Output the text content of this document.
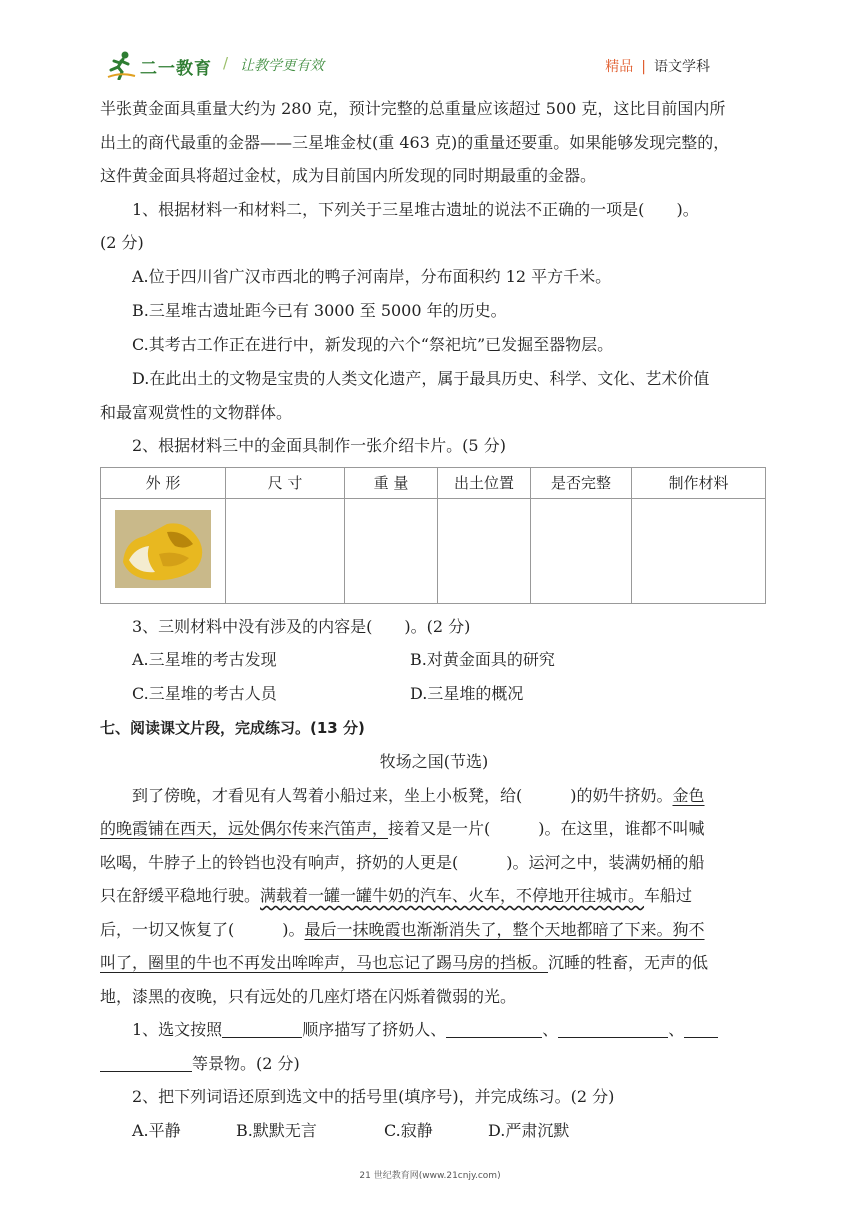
二一教育 / 让教学更有效	精品 | 语文学科

半张黄金面具重量大约为 280 克，预计完整的总重量应该超过 500 克，这比目前国内所

出土的商代最重的金器——三星堆金杖(重 463 克)的重量还要重。如果能够发现完整的，

这件黄金面具将超过金杖，成为目前国内所发现的同时期最重的金器。

1、根据材料一和材料二，下列关于三星堆古遗址的说法不正确的一项是(　　 )。

(2 分)

A.位于四川省广汉市西北的鸭子河南岸，分布面积约 12 平方千米。

B.三星堆古遗址距今已有 3000 至 5000 年的历史。

C.其考古工作正在进行中，新发现的六个“祭祀坑”已发掘至器物层。

D.在此出土的文物是宝贵的人类文化遗产，属于最具历史、科学、文化、艺术价值

和最富观赏性的文物群体。

2、根据材料三中的金面具制作一张介绍卡片。(5 分)

外 形	尺 寸	重 量	出土位置	是否完整	制作材料

3、三则材料中没有涉及的内容是(　　)。(2 分)

A.三星堆的考古发现	B.对黄金面具的研究
C.三星堆的考古人员	D.三星堆的概况

七、阅读课文片段，完成练习。(13 分)

牧场之国(节选)

到了傍晚，才看见有人驾着小船过来，坐上小板凳，给(　　　)的奶牛挤奶。金色

的晚霞铺在西天，远处偶尔传来汽笛声，接着又是一片(　　　)。在这里，谁都不叫喊

吆喝，牛脖子上的铃铛也没有响声，挤奶的人更是(　　　)。运河之中，装满奶桶的船

只在舒缓平稳地行驶。满载着一罐一罐牛奶的汽车、火车，不停地开往城市。车船过

后，一切又恢复了(　　　)。最后一抹晚霞也渐渐消失了，整个天地都暗了下来。狗不

叫了，圈里的牛也不再发出哞哞声，马也忘记了踢马房的挡板。沉睡的牲畜，无声的低

地，漆黑的夜晚，只有远处的几座灯塔在闪烁着微弱的光。

1、选文按照	顺序描写了挤奶人、	、	、

等景物。(2 分)

2、把下列词语还原到选文中的括号里(填序号)，并完成练习。(2 分)

A.平静	B.默默无言	C.寂静	D.严肃沉默

21 世纪教育网(www.21cnjy.com)
